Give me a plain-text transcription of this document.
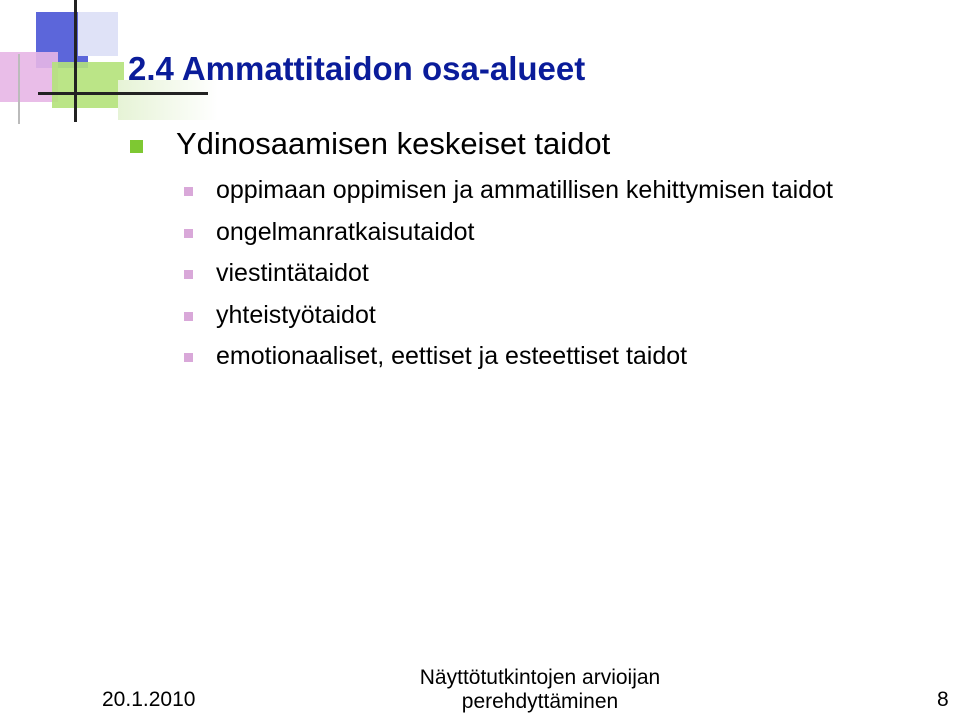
2.4 Ammattitaidon osa-alueet
Ydinosaamisen keskeiset taidot
oppimaan oppimisen ja ammatillisen kehittymisen taidot
ongelmanratkaisutaidot
viestintätaidot
yhteistyötaidot
emotionaaliset, eettiset ja esteettiset taidot
20.1.2010
Näyttötutkintojen arvioijan
perehdyttäminen	8
